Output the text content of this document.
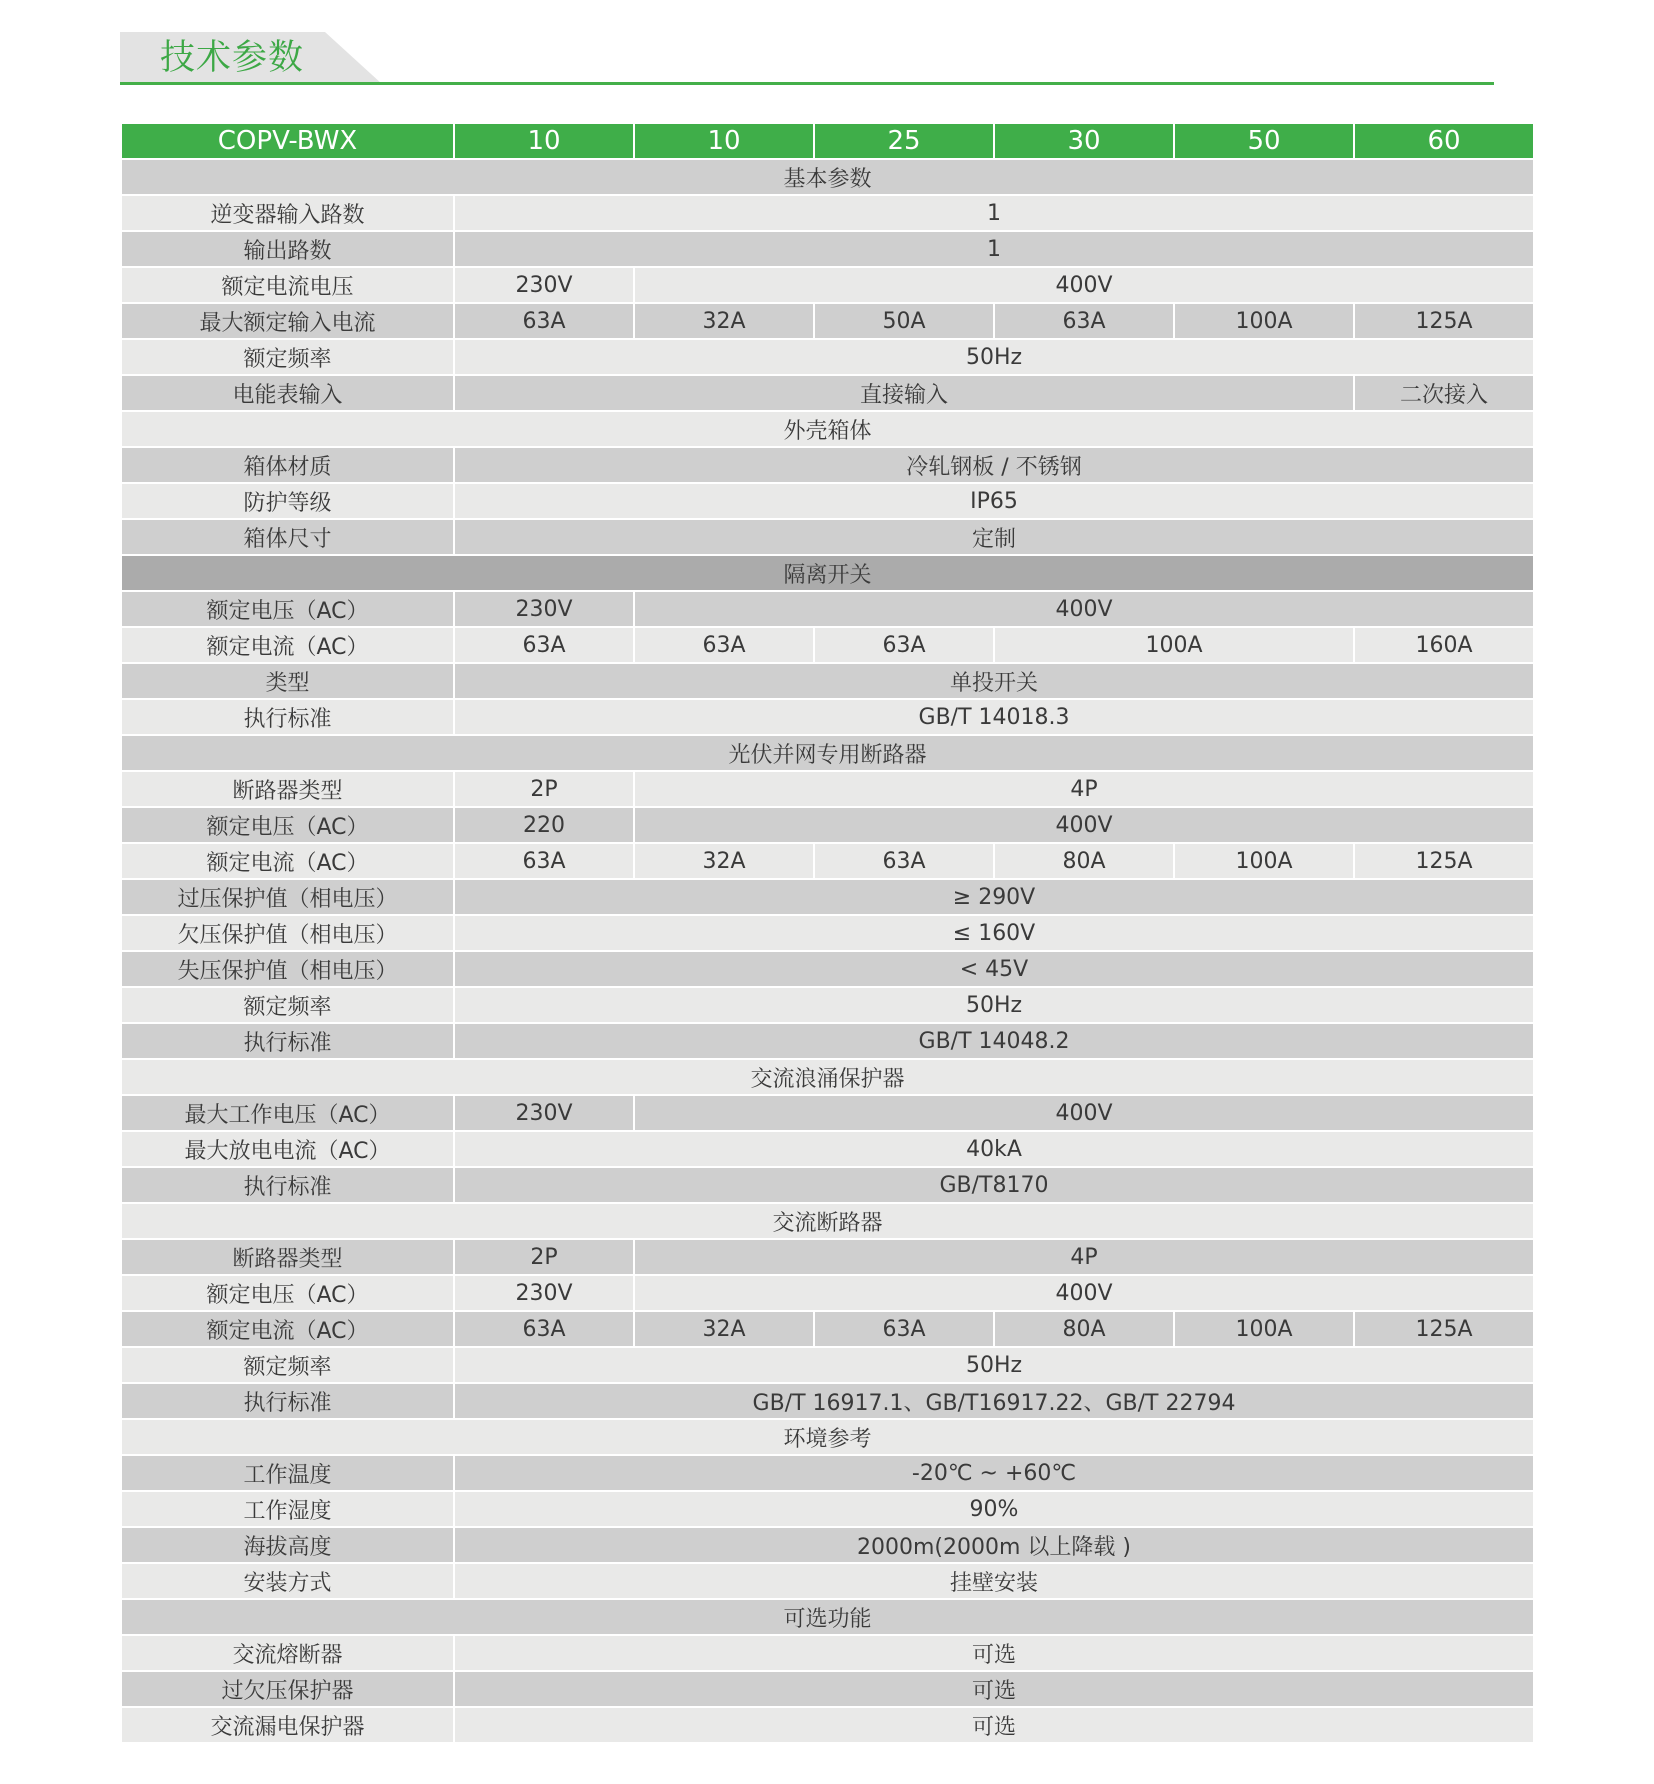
技术参数
COPV-BWX	10	10	25	30	50	60
基本参数						
逆变器输入路数	1					
输出路数	1					
额定电流电压	230V	400V				
最大额定输入电流	63A	32A	50A	63A	100A	125A
额定频率	50Hz					
电能表输入	直接输入					二次接入
外壳箱体						
箱体材质	冷轧钢板 / 不锈钢					
防护等级	IP65					
箱体尺寸	定制					
隔离开关						
额定电压（AC）	230V	400V				
额定电流（AC）	63A	63A	63A	100A		160A
类型	单投开关					
执行标准	GB/T 14018.3					
光伏并网专用断路器						
断路器类型	2P	4P				
额定电压（AC）	220	400V				
额定电流（AC）	63A	32A	63A	80A	100A	125A
过压保护值（相电压）	≥ 290V					
欠压保护值（相电压）	≤ 160V					
失压保护值（相电压）	< 45V					
额定频率	50Hz					
执行标准	GB/T 14048.2					
交流浪涌保护器						
最大工作电压（AC）	230V	400V				
最大放电电流（AC）	40kA					
执行标准	GB/T8170					
交流断路器						
断路器类型	2P	4P				
额定电压（AC）	230V	400V				
额定电流（AC）	63A	32A	63A	80A	100A	125A
额定频率	50Hz					
执行标准	GB/T 16917.1、GB/T16917.22、GB/T 22794					
环境参考						
工作温度	-20℃ ~ +60℃					
工作湿度	90%					
海拔高度	2000m(2000m 以上降载 )					
安装方式	挂壁安装					
可选功能						
交流熔断器	可选					
过欠压保护器	可选					
交流漏电保护器	可选					
